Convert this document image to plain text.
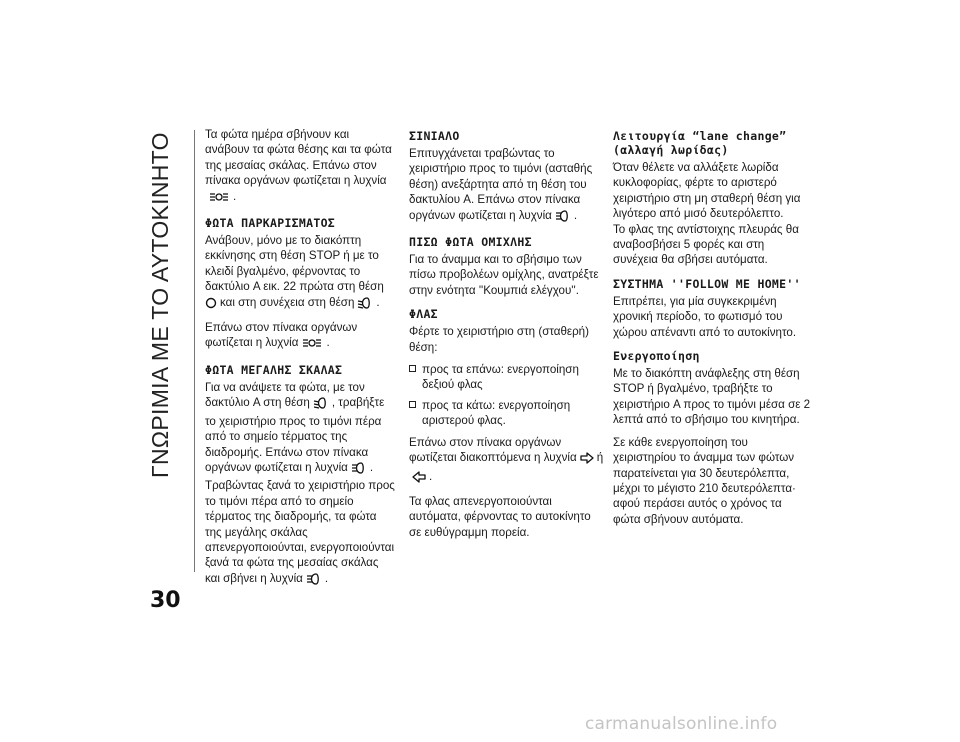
ΓΝΩΡΙΜΙΑ ΜΕ ΤΟ ΑΥΤΟΚΙΝΗΤΟ
30

Τα φώτα ημέρα σβήνουν και ανάβουν τα φώτα θέσης και τα φώτα της μεσαίας σκάλας. Επάνω στον πίνακα οργάνων φωτίζεται η λυχνία.

ΦΩΤΑ ΠΑΡΚΑΡΙΣΜΑΤΟΣ

Ανάβουν, μόνο με το διακόπτη εκκίνησης στη θέση STOP ή με το κλειδί βγαλμένο, φέρνοντας το δακτύλιο A εικ. 22 πρώτα στη θέση
και στη συνέχεια στη θέση .

Επάνω στον πίνακα οργάνων φωτίζεται η λυχνία .

ΦΩΤΑ ΜΕΓΑΛΗΣ ΣΚΑΛΑΣ

Για να ανάψετε τα φώτα, με τον δακτύλιο A στη θέση , τραβήξτε το χειριστήριο προς το τιμόνι πέρα από το σημείο τέρματος της διαδρομής. Επάνω στον πίνακα οργάνων φωτίζεται η λυχνία . Τραβώντας ξανά το χειριστήριο προς το τιμόνι πέρα από το σημείο τέρματος της διαδρομής, τα φώτα της μεγάλης σκάλας απενεργοποιούνται, ενεργοποιούνται ξανά τα φώτα της μεσαίας σκάλας και σβήνει η λυχνία .

ΣΙΝΙΑΛΟ

Επιτυγχάνεται τραβώντας το χειριστήριο προς το τιμόνι (ασταθής θέση) ανεξάρτητα από τη θέση του δακτυλίου A. Επάνω στον πίνακα οργάνων φωτίζεται η λυχνία .

ΠΙΣΩ ΦΩΤΑ ΟΜΙΧΛΗΣ

Για το άναμμα και το σβήσιμο των πίσω προβολέων ομίχλης, ανατρέξτε στην ενότητα ''Κουμπιά ελέγχου''.

ΦΛΑΣ

Φέρτε το χειριστήριο στη (σταθερή) θέση:

προς τα επάνω: ενεργοποίηση δεξιού φλας
προς τα κάτω: ενεργοποίηση αριστερού φλας.

Επάνω στον πίνακα οργάνων φωτίζεται διακοπτόμενα η λυχνία ή.

Τα φλας απενεργοποιούνται αυτόματα, φέρνοντας το αυτοκίνητο σε ευθύγραμμη πορεία.

Λειτουργία “lane change” (αλλαγή λωρίδας)

Όταν θέλετε να αλλάξετε λωρίδα κυκλοφορίας, φέρτε το αριστερό χειριστήριο στη μη σταθερή θέση για λιγότερο από μισό δευτερόλεπτο.

Το φλας της αντίστοιχης πλευράς θα αναβοσβήσει 5 φορές και στη συνέχεια θα σβήσει αυτόματα.

ΣΥΣΤΗΜΑ ''FOLLOW ME HOME''

Επιτρέπει, για μία συγκεκριμένη χρονική περίοδο, το φωτισμό του χώρου απέναντι από το αυτοκίνητο.

Ενεργοποίηση

Με το διακόπτη ανάφλεξης στη θέση STOP ή βγαλμένο, τραβήξτε το χειριστήριο A προς το τιμόνι μέσα σε 2 λεπτά από το σβήσιμο του κινητήρα.

Σε κάθε ενεργοποίηση του χειριστηρίου το άναμμα των φώτων παρατείνεται για 30 δευτερόλεπτα, μέχρι το μέγιστο 210 δευτερόλεπτα· αφού περάσει αυτός ο χρόνος τα φώτα σβήνουν αυτόματα.

carmanualsonline.info
